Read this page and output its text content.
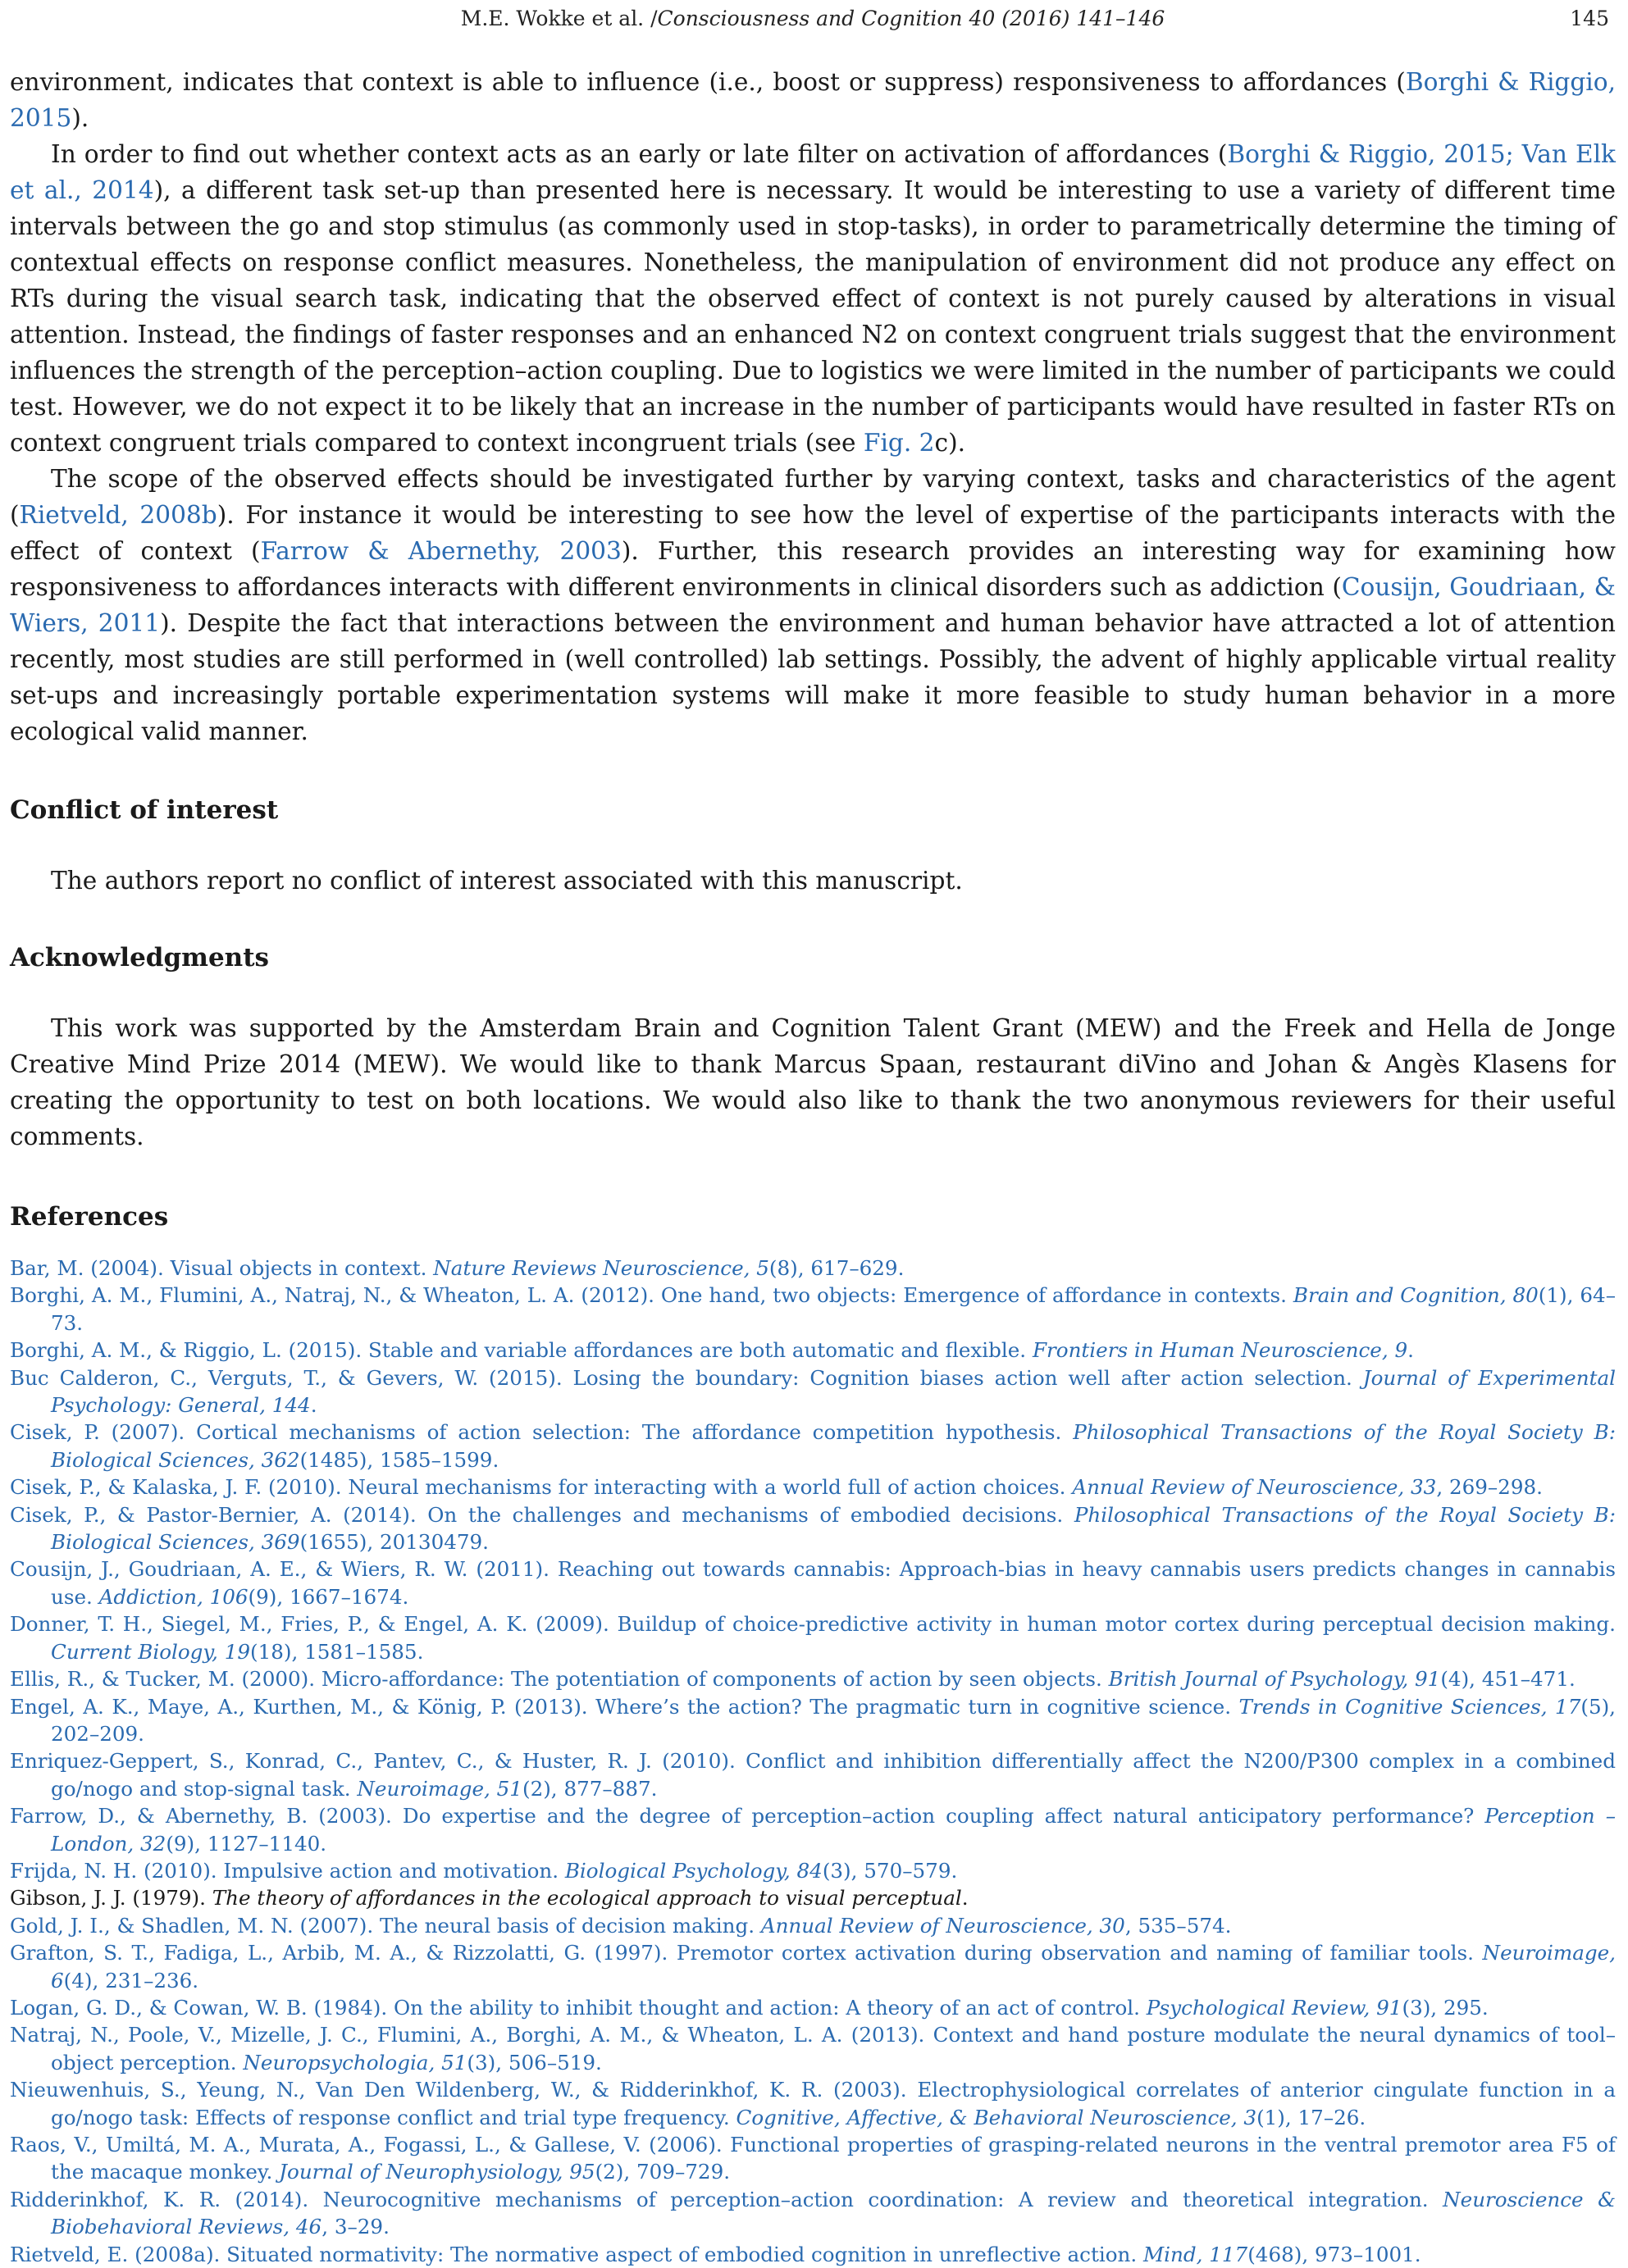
M.E. Wokke et al. /Consciousness and Cognition 40 (2016) 141–146	145

environment, indicates that context is able to influence (i.e., boost or suppress) responsiveness to affordances (Borghi & Riggio, 2015).

In order to find out whether context acts as an early or late filter on activation of affordances (Borghi & Riggio, 2015; Van Elk et al., 2014), a different task set-up than presented here is necessary. It would be interesting to use a variety of different time intervals between the go and stop stimulus (as commonly used in stop-tasks), in order to parametrically determine the timing of contextual effects on response conflict measures. Nonetheless, the manipulation of environment did not produce any effect on RTs during the visual search task, indicating that the observed effect of context is not purely caused by alterations in visual attention. Instead, the findings of faster responses and an enhanced N2 on context congruent trials suggest that the environment influences the strength of the perception–action coupling. Due to logistics we were limited in the number of participants we could test. However, we do not expect it to be likely that an increase in the number of participants would have resulted in faster RTs on context congruent trials compared to context incongruent trials (see Fig. 2c).

The scope of the observed effects should be investigated further by varying context, tasks and characteristics of the agent (Rietveld, 2008b). For instance it would be interesting to see how the level of expertise of the participants interacts with the effect of context (Farrow & Abernethy, 2003). Further, this research provides an interesting way for examining how responsiveness to affordances interacts with different environments in clinical disorders such as addiction (Cousijn, Goudriaan, & Wiers, 2011). Despite the fact that interactions between the environment and human behavior have attracted a lot of attention recently, most studies are still performed in (well controlled) lab settings. Possibly, the advent of highly applicable virtual reality set-ups and increasingly portable experimentation systems will make it more feasible to study human behavior in a more ecological valid manner.

Conflict of interest

The authors report no conflict of interest associated with this manuscript.

Acknowledgments

This work was supported by the Amsterdam Brain and Cognition Talent Grant (MEW) and the Freek and Hella de Jonge Creative Mind Prize 2014 (MEW). We would like to thank Marcus Spaan, restaurant diVino and Johan & Angès Klasens for creating the opportunity to test on both locations. We would also like to thank the two anonymous reviewers for their useful comments.

References

Bar, M. (2004). Visual objects in context. Nature Reviews Neuroscience, 5(8), 617–629.

Borghi, A. M., Flumini, A., Natraj, N., & Wheaton, L. A. (2012). One hand, two objects: Emergence of affordance in contexts. Brain and Cognition, 80(1), 64–73.

Borghi, A. M., & Riggio, L. (2015). Stable and variable affordances are both automatic and flexible. Frontiers in Human Neuroscience, 9.

Buc Calderon, C., Verguts, T., & Gevers, W. (2015). Losing the boundary: Cognition biases action well after action selection. Journal of Experimental Psychology: General, 144.

Cisek, P. (2007). Cortical mechanisms of action selection: The affordance competition hypothesis. Philosophical Transactions of the Royal Society B: Biological Sciences, 362(1485), 1585–1599.

Cisek, P., & Kalaska, J. F. (2010). Neural mechanisms for interacting with a world full of action choices. Annual Review of Neuroscience, 33, 269–298.

Cisek, P., & Pastor-Bernier, A. (2014). On the challenges and mechanisms of embodied decisions. Philosophical Transactions of the Royal Society B: Biological Sciences, 369(1655), 20130479.

Cousijn, J., Goudriaan, A. E., & Wiers, R. W. (2011). Reaching out towards cannabis: Approach-bias in heavy cannabis users predicts changes in cannabis use. Addiction, 106(9), 1667–1674.

Donner, T. H., Siegel, M., Fries, P., & Engel, A. K. (2009). Buildup of choice-predictive activity in human motor cortex during perceptual decision making. Current Biology, 19(18), 1581–1585.

Ellis, R., & Tucker, M. (2000). Micro-affordance: The potentiation of components of action by seen objects. British Journal of Psychology, 91(4), 451–471.

Engel, A. K., Maye, A., Kurthen, M., & König, P. (2013). Where’s the action? The pragmatic turn in cognitive science. Trends in Cognitive Sciences, 17(5), 202–209.

Enriquez-Geppert, S., Konrad, C., Pantev, C., & Huster, R. J. (2010). Conflict and inhibition differentially affect the N200/P300 complex in a combined go/nogo and stop-signal task. Neuroimage, 51(2), 877–887.

Farrow, D., & Abernethy, B. (2003). Do expertise and the degree of perception–action coupling affect natural anticipatory performance? Perception – London, 32(9), 1127–1140.

Frijda, N. H. (2010). Impulsive action and motivation. Biological Psychology, 84(3), 570–579.

Gibson, J. J. (1979). The theory of affordances in the ecological approach to visual perceptual.

Gold, J. I., & Shadlen, M. N. (2007). The neural basis of decision making. Annual Review of Neuroscience, 30, 535–574.

Grafton, S. T., Fadiga, L., Arbib, M. A., & Rizzolatti, G. (1997). Premotor cortex activation during observation and naming of familiar tools. Neuroimage, 6(4), 231–236.

Logan, G. D., & Cowan, W. B. (1984). On the ability to inhibit thought and action: A theory of an act of control. Psychological Review, 91(3), 295.

Natraj, N., Poole, V., Mizelle, J. C., Flumini, A., Borghi, A. M., & Wheaton, L. A. (2013). Context and hand posture modulate the neural dynamics of tool–object perception. Neuropsychologia, 51(3), 506–519.

Nieuwenhuis, S., Yeung, N., Van Den Wildenberg, W., & Ridderinkhof, K. R. (2003). Electrophysiological correlates of anterior cingulate function in a go/nogo task: Effects of response conflict and trial type frequency. Cognitive, Affective, & Behavioral Neuroscience, 3(1), 17–26.

Raos, V., Umiltá, M. A., Murata, A., Fogassi, L., & Gallese, V. (2006). Functional properties of grasping-related neurons in the ventral premotor area F5 of the macaque monkey. Journal of Neurophysiology, 95(2), 709–729.

Ridderinkhof, K. R. (2014). Neurocognitive mechanisms of perception–action coordination: A review and theoretical integration. Neuroscience & Biobehavioral Reviews, 46, 3–29.

Rietveld, E. (2008a). Situated normativity: The normative aspect of embodied cognition in unreflective action. Mind, 117(468), 973–1001.
